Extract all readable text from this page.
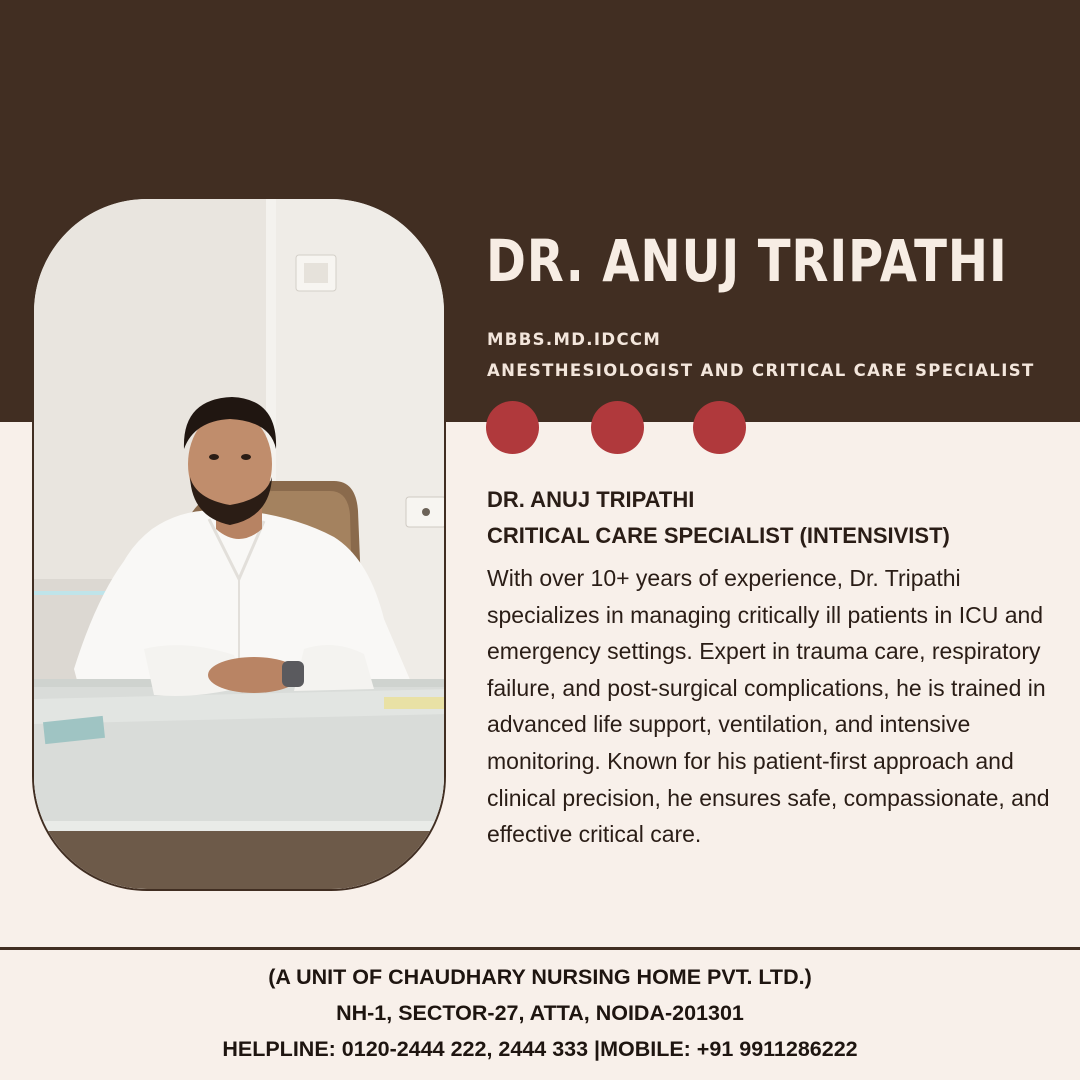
DR. ANUJ TRIPATHI
MBBS.MD.IDCCM
ANESTHESIOLOGIST AND CRITICAL CARE SPECIALIST
DR. ANUJ TRIPATHI
CRITICAL CARE SPECIALIST (INTENSIVIST)

With over 10+ years of experience, Dr. Tripathi specializes in managing critically ill patients in ICU and emergency settings. Expert in trauma care, respiratory failure, and post-surgical complications, he is trained in advanced life support, ventilation, and intensive monitoring. Known for his patient-first approach and clinical precision, he ensures safe, compassionate, and effective critical care.

(A UNIT OF CHAUDHARY NURSING HOME PVT. LTD.)
NH-1, SECTOR-27, ATTA, NOIDA-201301
HELPLINE: 0120-2444 222, 2444 333 |MOBILE: +91 9911286222
